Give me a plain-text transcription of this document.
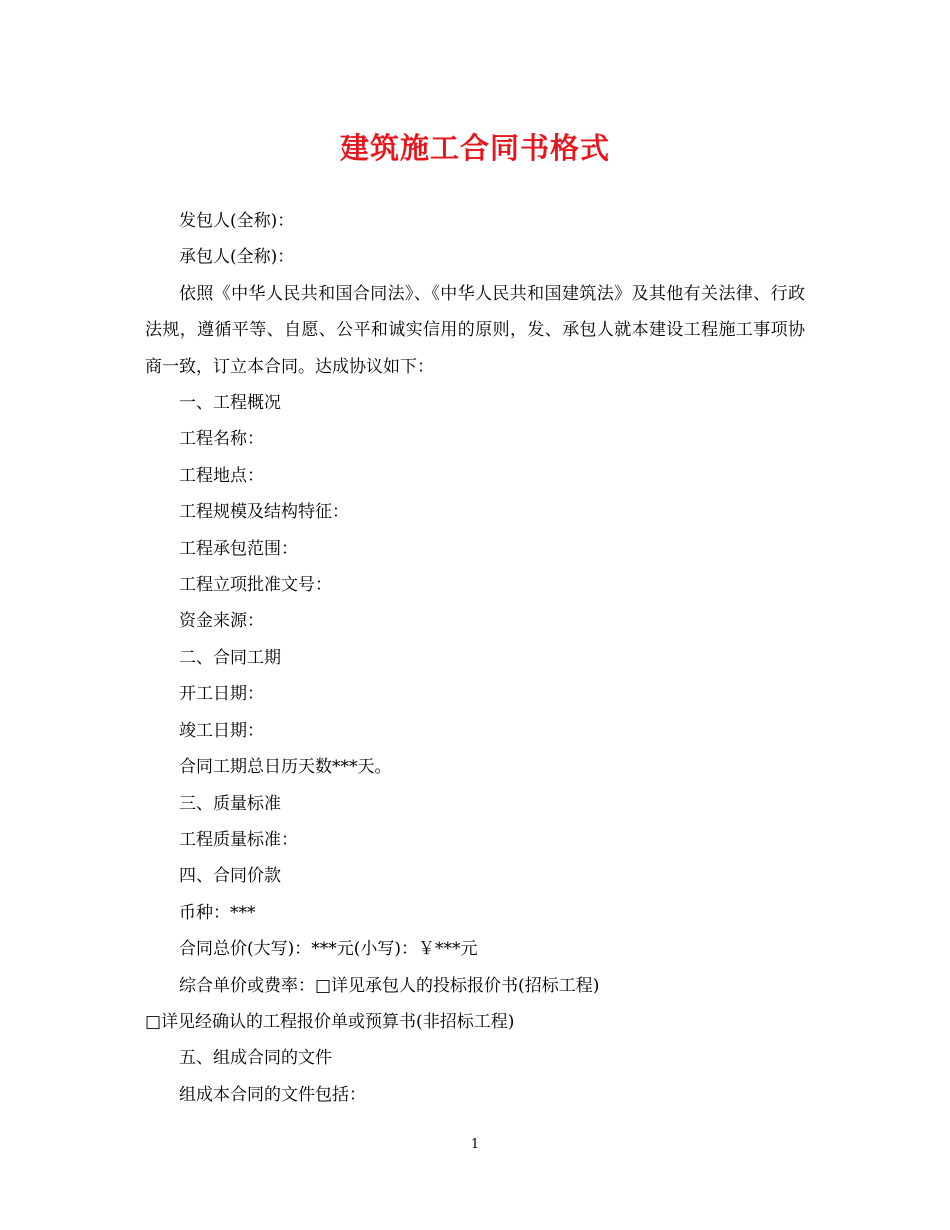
建筑施工合同书格式

发包人(全称)：

承包人(全称)：

依照《中华人民共和国合同法》、《中华人民共和国建筑法》及其他有关法律、行政法规，遵循平等、自愿、公平和诚实信用的原则，发、承包人就本建设工程施工事项协商一致，订立本合同。达成协议如下：

一、工程概况

工程名称：

工程地点：

工程规模及结构特征：

工程承包范围：

工程立项批准文号：

资金来源：

二、合同工期

开工日期：

竣工日期：

合同工期总日历天数***天。

三、质量标准

工程质量标准：

四、合同价款

币种：***

合同总价(大写)：***元(小写)：￥***元

综合单价或费率：□详见承包人的投标报价书(招标工程)

□详见经确认的工程报价单或预算书(非招标工程)

五、组成合同的文件

组成本合同的文件包括：

1
